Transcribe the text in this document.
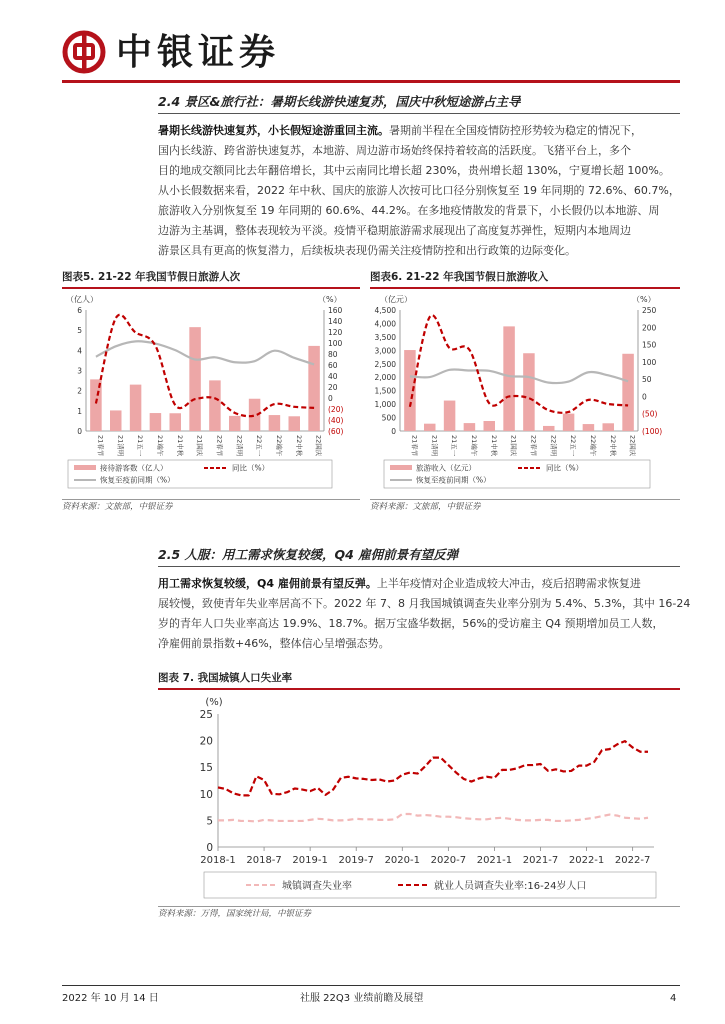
中银证券
2.4 景区&旅行社：暑期长线游快速复苏，国庆中秋短途游占主导
暑期长线游快速复苏，小长假短途游重回主流。暑期前半程在全国疫情防控形势较为稳定的情况下，
国内长线游、跨省游快速复苏，本地游、周边游市场始终保持着较高的活跃度。飞猪平台上，多个
目的地成交额同比去年翻倍增长，其中云南同比增长超 230%，贵州增长超 130%，宁夏增长超 100%。
从小长假数据来看，2022 年中秋、国庆的旅游人次按可比口径分别恢复至 19 年同期的 72.6%、60.7%，
旅游收入分别恢复至 19 年同期的 60.6%、44.2%。在多地疫情散发的背景下，小长假仍以本地游、周
边游为主基调，整体表现较为平淡。疫情平稳期旅游需求展现出了高度复苏弹性，短期内本地周边
游景区具有更高的恢复潜力，后续板块表现仍需关注疫情防控和出行政策的边际变化。
图表5. 21-22 年我国节假日旅游人次
（亿人）	（%）
0
1
2
3
4
5
6
(60)
(40)
(20)
0
20
40
60
80
100
120
140
160
21春节 21清明 21五一 21端午 21中秋 21国庆 22春节 22清明 22五一 22端午 22中秋 22国庆
接待游客数（亿人）	同比（%）
恢复至疫前同期（%）
资料来源：文旅部，中银证券
图表6. 21-22 年我国节假日旅游收入
（亿元）	（%）
0
500
1,000
1,500
2,000
2,500
3,000
3,500
4,000
4,500
(100)
(50)
0
50
100
150
200
250
21春节 21清明 21五一 21端午 21中秋 21国庆 22春节 22清明 22五一 22端午 22中秋 22国庆
旅游收入（亿元）	同比（%）
恢复至疫前同期（%）
资料来源：文旅部，中银证券
2.5 人服：用工需求恢复较缓，Q4 雇佣前景有望反弹
用工需求恢复较缓，Q4 雇佣前景有望反弹。上半年疫情对企业造成较大冲击，疫后招聘需求恢复进
展较慢，致使青年失业率居高不下。2022 年 7、8 月我国城镇调查失业率分别为 5.4%、5.3%，其中 16-24
岁的青年人口失业率高达 19.9%、18.7%。据万宝盛华数据，56%的受访雇主 Q4 预期增加员工人数，
净雇佣前景指数+46%，整体信心呈增强态势。
图表 7. 我国城镇人口失业率
(%)
0
5
10
15
20
25
2018-1 2018-7 2019-1 2019-7 2020-1 2020-7 2021-1 2021-7 2022-1 2022-7
城镇调查失业率	就业人员调查失业率:16-24岁人口
资料来源：万得，国家统计局，中银证券
2022 年 10 月 14 日	社服 22Q3 业绩前瞻及展望	4
